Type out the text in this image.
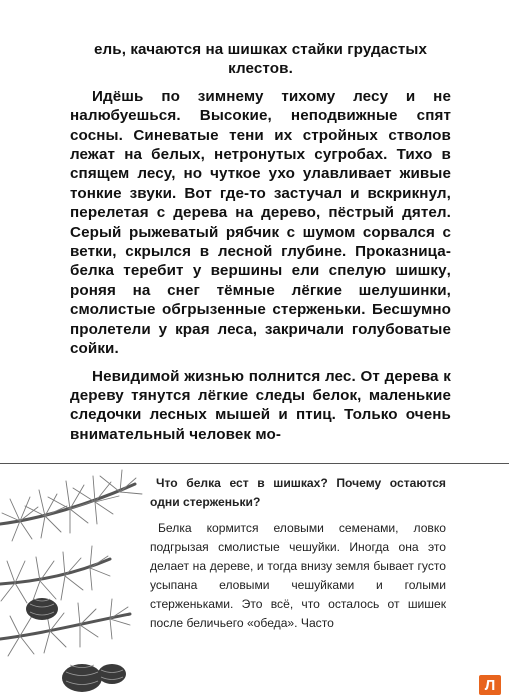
ель, качаются на шишках стайки грудастых клестов.

Идёшь по зимнему тихому лесу и не налюбуешься. Высокие, неподвижные спят сосны. Синеватые тени их стройных стволов лежат на белых, нетронутых сугробах. Тихо в спящем лесу, но чуткое ухо улавливает живые тонкие звуки. Вот где-то застучал и вскрикнул, перелетая с дерева на дерево, пёстрый дятел. Серый рыжеватый рябчик с шумом сорвался с ветки, скрылся в лесной глубине. Проказница-белка теребит у вершины ели спелую шишку, роняя на снег тёмные лёгкие шелушинки, смолистые обгрызенные стерженьки. Бесшумно пролетели у края леса, закричали голубоватые сойки.

Невидимой жизнью полнится лес. От дерева к дереву тянутся лёгкие следы белок, маленькие следочки лесных мышей и птиц. Только очень внимательный человек мо-

Что белка ест в шишках? Почему остаются одни стерженьки?

Белка кормится еловыми семенами, ловко подгрызая смолистые чешуйки. Иногда она это делает на дереве, и тогда внизу земля бывает густо усыпана еловыми чешуйками и голыми стерженьками. Это всё, что осталось от шишек после беличьего «обеда». Часто

Л
